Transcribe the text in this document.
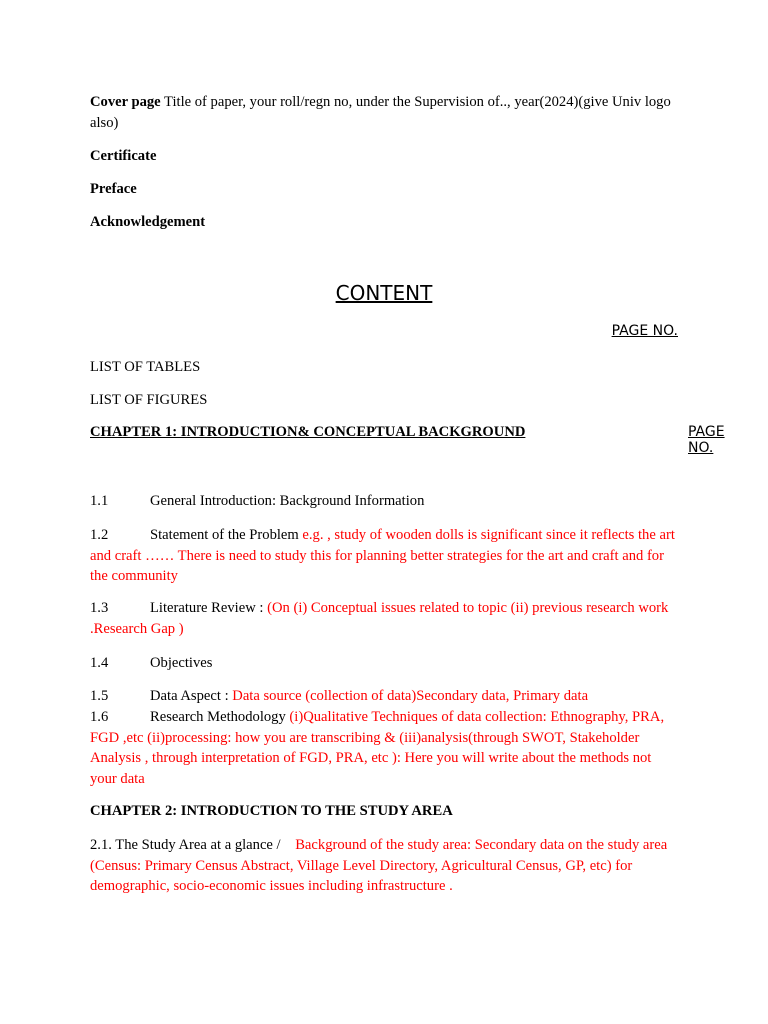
Cover page Title of paper, your roll/regn no, under the Supervision of.., year(2024)(give Univ logo also)
Certificate
Preface
Acknowledgement
CONTENT
PAGE NO.
LIST OF TABLES
LIST OF FIGURES
CHAPTER 1: INTRODUCTION& CONCEPTUAL BACKGROUND	PAGE NO.
1.1	General Introduction: Background Information
1.2	Statement of the Problem e.g. , study of wooden dolls is significant since it reflects the art and craft …… There is need to study this for planning better strategies for the art and craft and for the community
1.3	Literature Review : (On (i) Conceptual issues related to topic (ii) previous research work .Research Gap )
1.4	Objectives
1.5	Data Aspect : Data source (collection of data)Secondary data, Primary data
1.6	Research Methodology (i)Qualitative Techniques of data collection: Ethnography, PRA, FGD ,etc (ii)processing: how you are transcribing & (iii)analysis(through SWOT, Stakeholder Analysis , through interpretation of FGD, PRA, etc ): Here you will write about the methods not your data
CHAPTER 2: INTRODUCTION TO THE STUDY AREA
2.1. The Study Area at a glance /    Background of the study area: Secondary data on the study area (Census: Primary Census Abstract, Village Level Directory, Agricultural Census, GP, etc) for demographic, socio-economic issues including infrastructure .
